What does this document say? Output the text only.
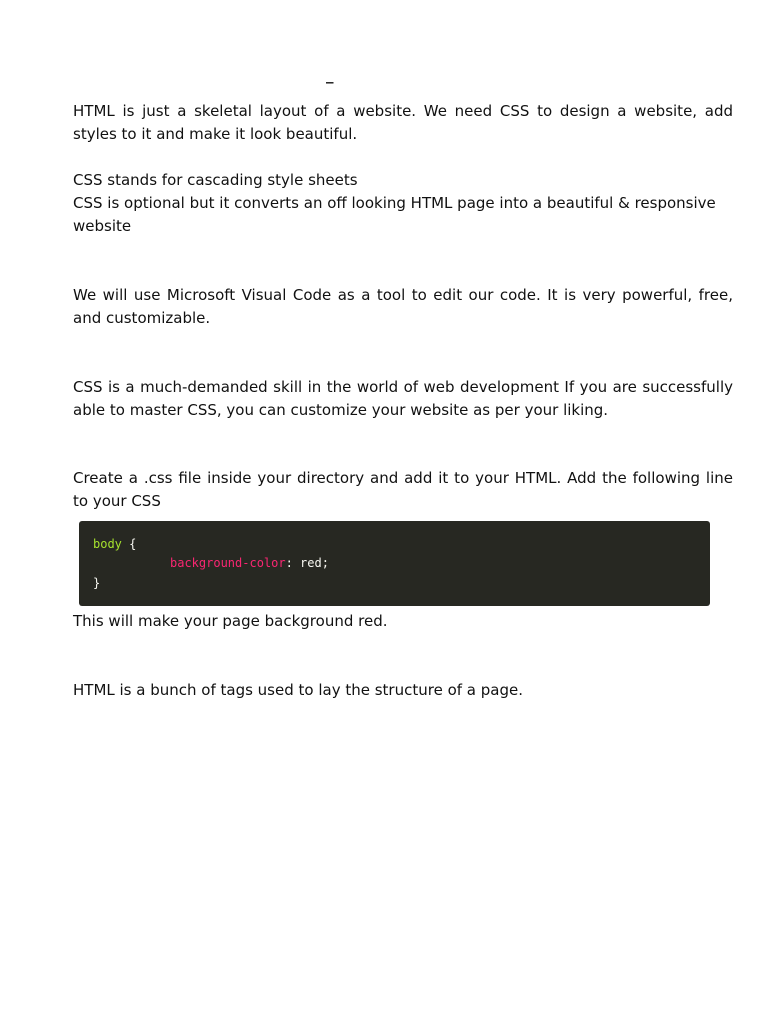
_

HTML is just a skeletal layout of a website. We need CSS to design a website, add styles to it and make it look beautiful.

CSS stands for cascading style sheets

CSS is optional but it converts an off looking HTML page into a beautiful & responsive website

We will use Microsoft Visual Code as a tool to edit our code. It is very powerful, free, and customizable.

CSS is a much-demanded skill in the world of web development If you are successfully able to master CSS, you can customize your website as per your liking.

Create a .css file inside your directory and add it to your HTML. Add the following line to your CSS

body {
background-color: red;
}

This will make your page background red.

HTML is a bunch of tags used to lay the structure of a page.
